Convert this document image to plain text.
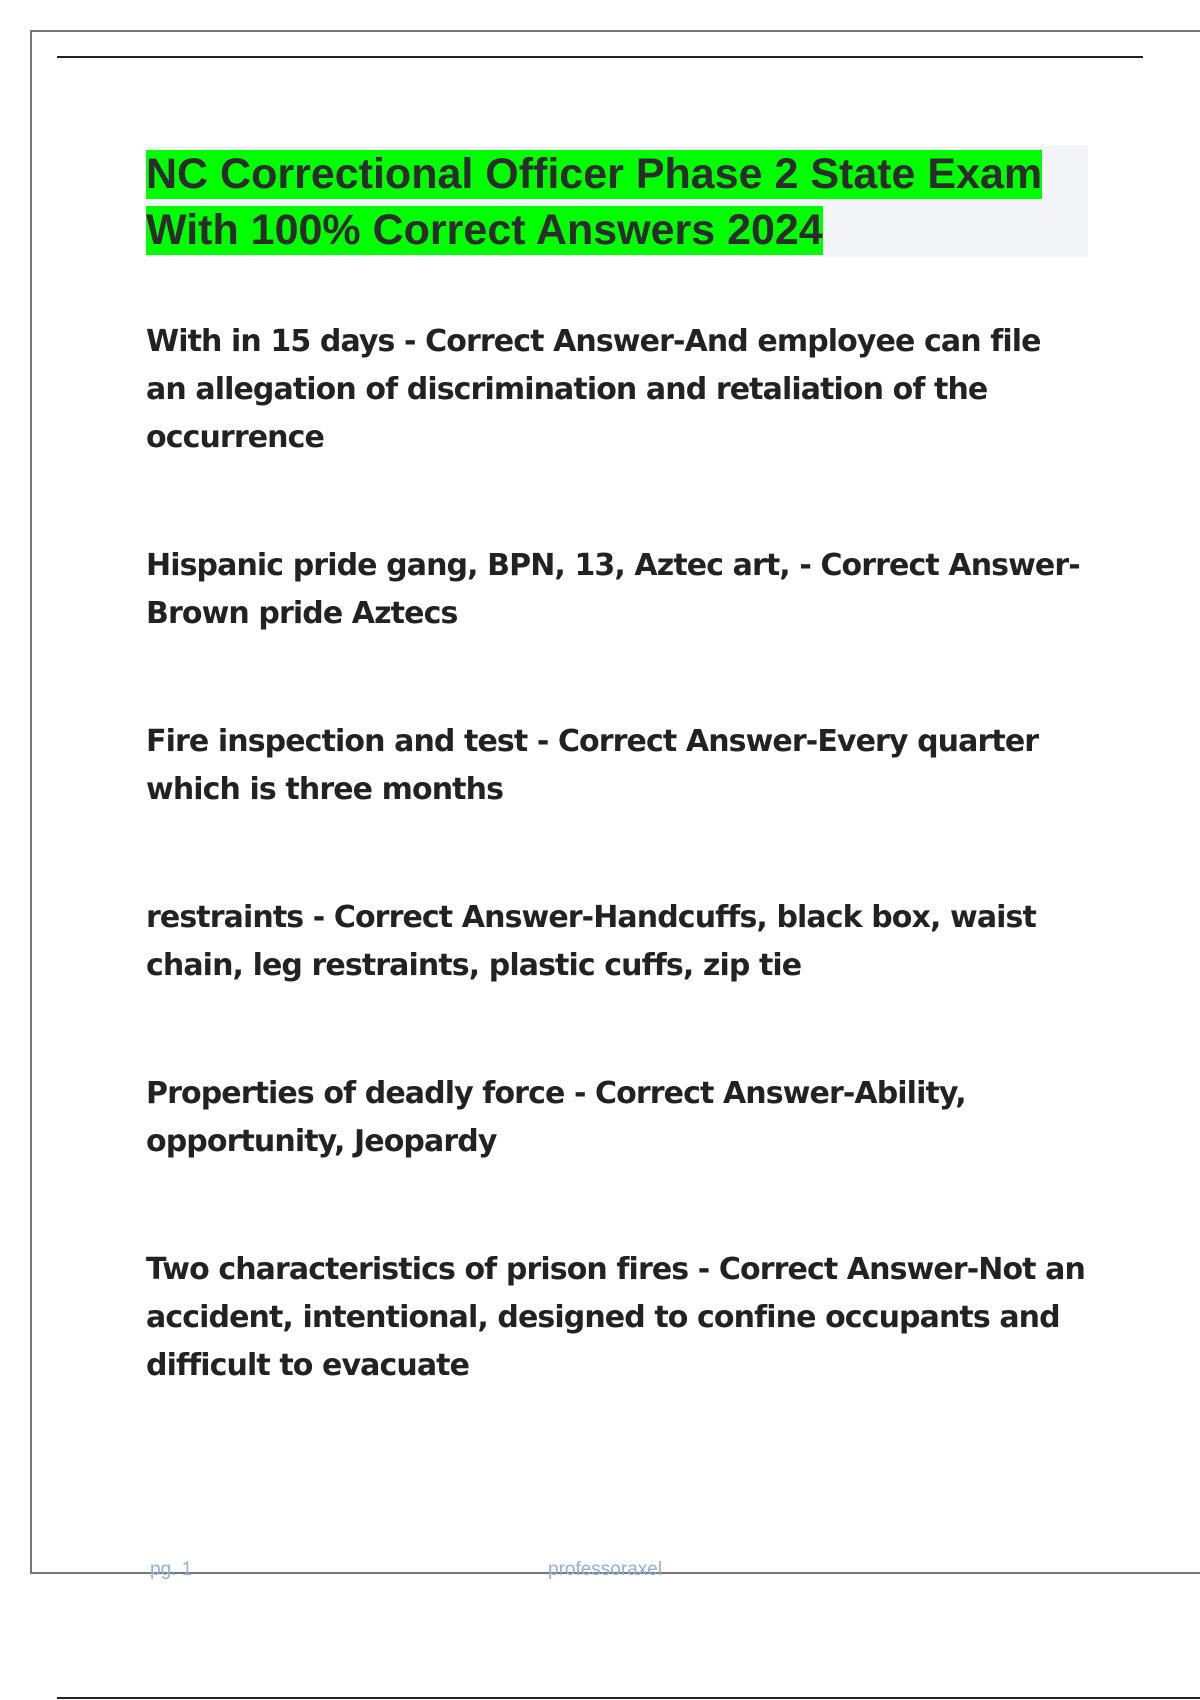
NC Correctional Officer Phase 2 State Exam With 100% Correct Answers 2024
With in 15 days - Correct Answer-And employee can file an allegation of discrimination and retaliation of the occurrence
Hispanic pride gang, BPN, 13, Aztec art, - Correct Answer-Brown pride Aztecs
Fire inspection and test - Correct Answer-Every quarter which is three months
restraints - Correct Answer-Handcuffs, black box, waist chain, leg restraints, plastic cuffs, zip tie
Properties of deadly force - Correct Answer-Ability, opportunity, Jeopardy
Two characteristics of prison fires - Correct Answer-Not an accident, intentional, designed to confine occupants and difficult to evacuate
pg. 1	professoraxel
